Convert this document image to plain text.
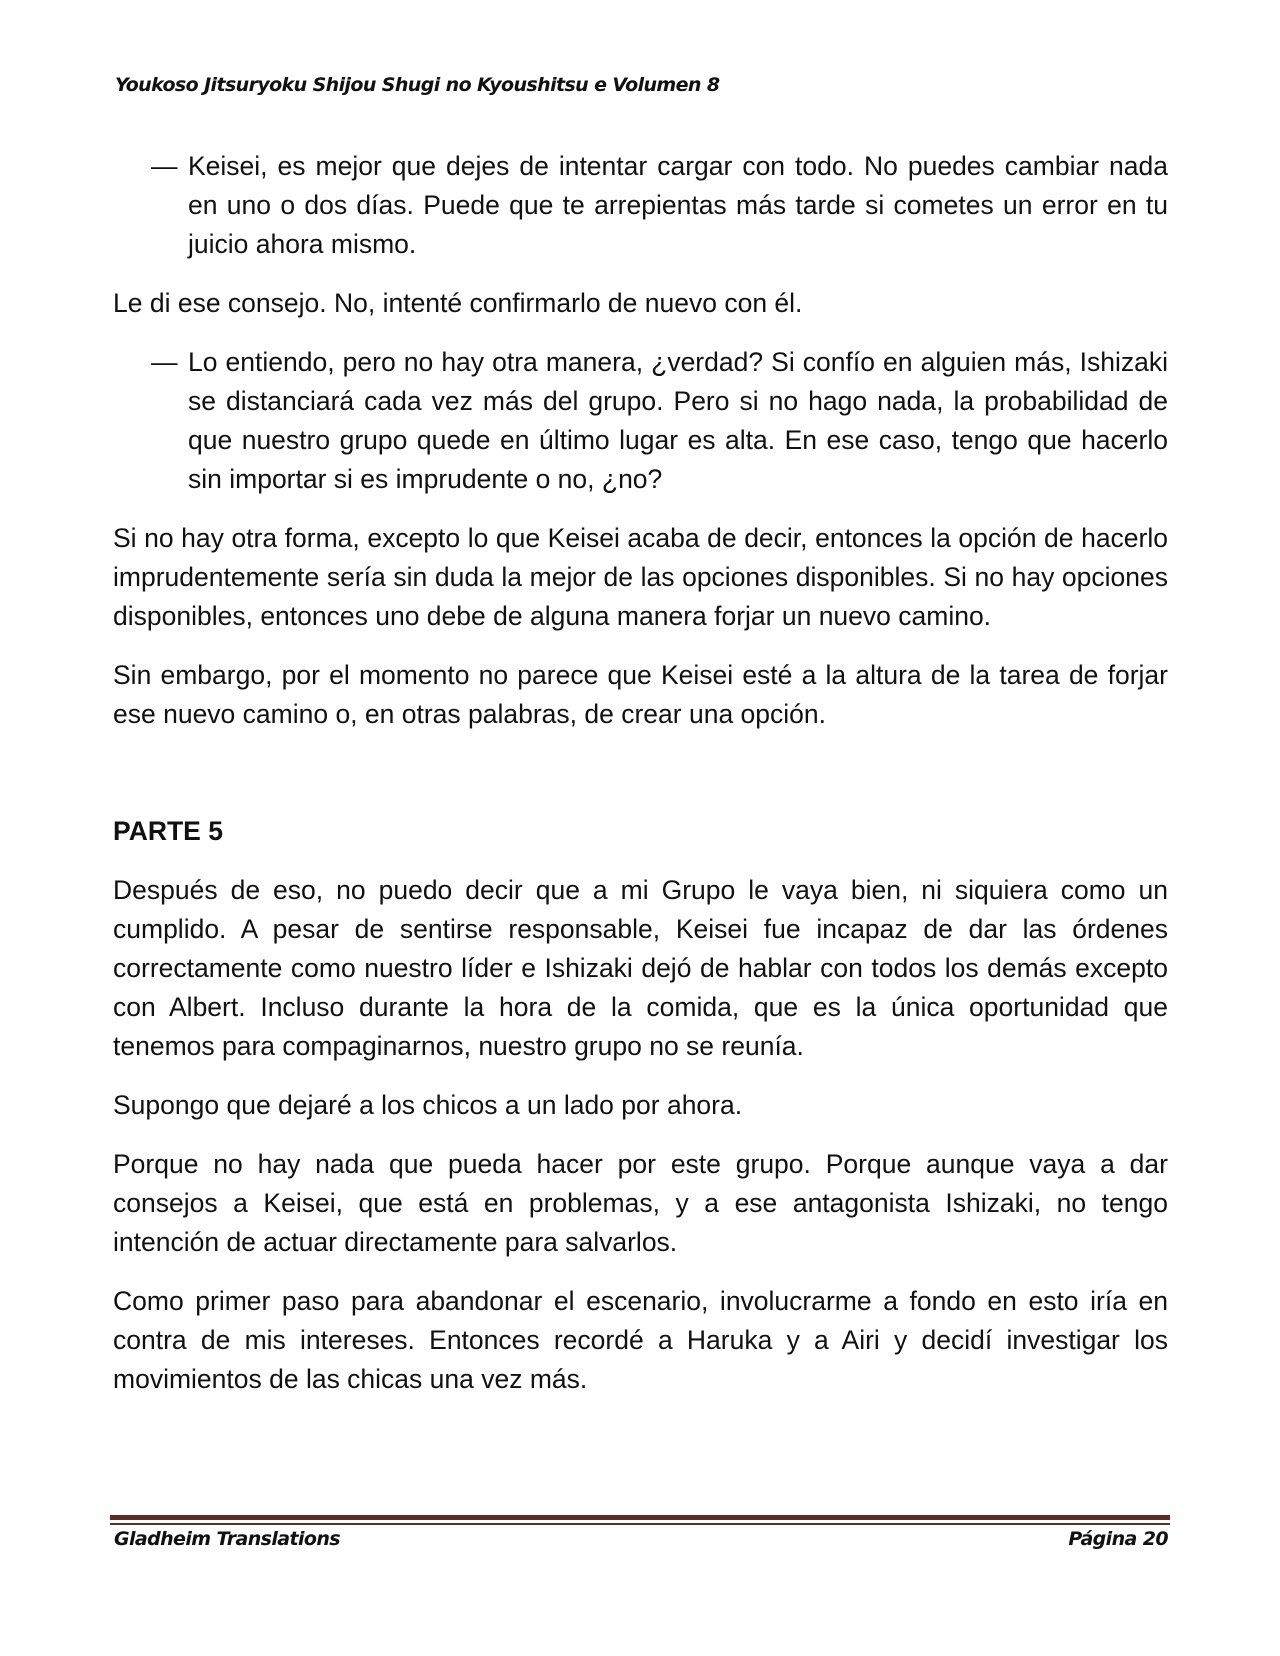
Youkoso Jitsuryoku Shijou Shugi no Kyoushitsu e Volumen 8

— Keisei, es mejor que dejes de intentar cargar con todo. No puedes cambiar nada en uno o dos días. Puede que te arrepientas más tarde si cometes un error en tu juicio ahora mismo.

Le di ese consejo. No, intenté confirmarlo de nuevo con él.

— Lo entiendo, pero no hay otra manera, ¿verdad? Si confío en alguien más, Ishizaki se distanciará cada vez más del grupo. Pero si no hago nada, la probabilidad de que nuestro grupo quede en último lugar es alta. En ese caso, tengo que hacerlo sin importar si es imprudente o no, ¿no?

Si no hay otra forma, excepto lo que Keisei acaba de decir, entonces la opción de hacerlo imprudentemente sería sin duda la mejor de las opciones disponibles. Si no hay opciones disponibles, entonces uno debe de alguna manera forjar un nuevo camino.

Sin embargo, por el momento no parece que Keisei esté a la altura de la tarea de forjar ese nuevo camino o, en otras palabras, de crear una opción.

PARTE 5

Después de eso, no puedo decir que a mi Grupo le vaya bien, ni siquiera como un cumplido. A pesar de sentirse responsable, Keisei fue incapaz de dar las órdenes correctamente como nuestro líder e Ishizaki dejó de hablar con todos los demás excepto con Albert. Incluso durante la hora de la comida, que es la única oportunidad que tenemos para compaginarnos, nuestro grupo no se reunía.

Supongo que dejaré a los chicos a un lado por ahora.

Porque no hay nada que pueda hacer por este grupo. Porque aunque vaya a dar consejos a Keisei, que está en problemas, y a ese antagonista Ishizaki, no tengo intención de actuar directamente para salvarlos.

Como primer paso para abandonar el escenario, involucrarme a fondo en esto iría en contra de mis intereses. Entonces recordé a Haruka y a Airi y decidí investigar los movimientos de las chicas una vez más.

Gladheim Translations	Página 20
